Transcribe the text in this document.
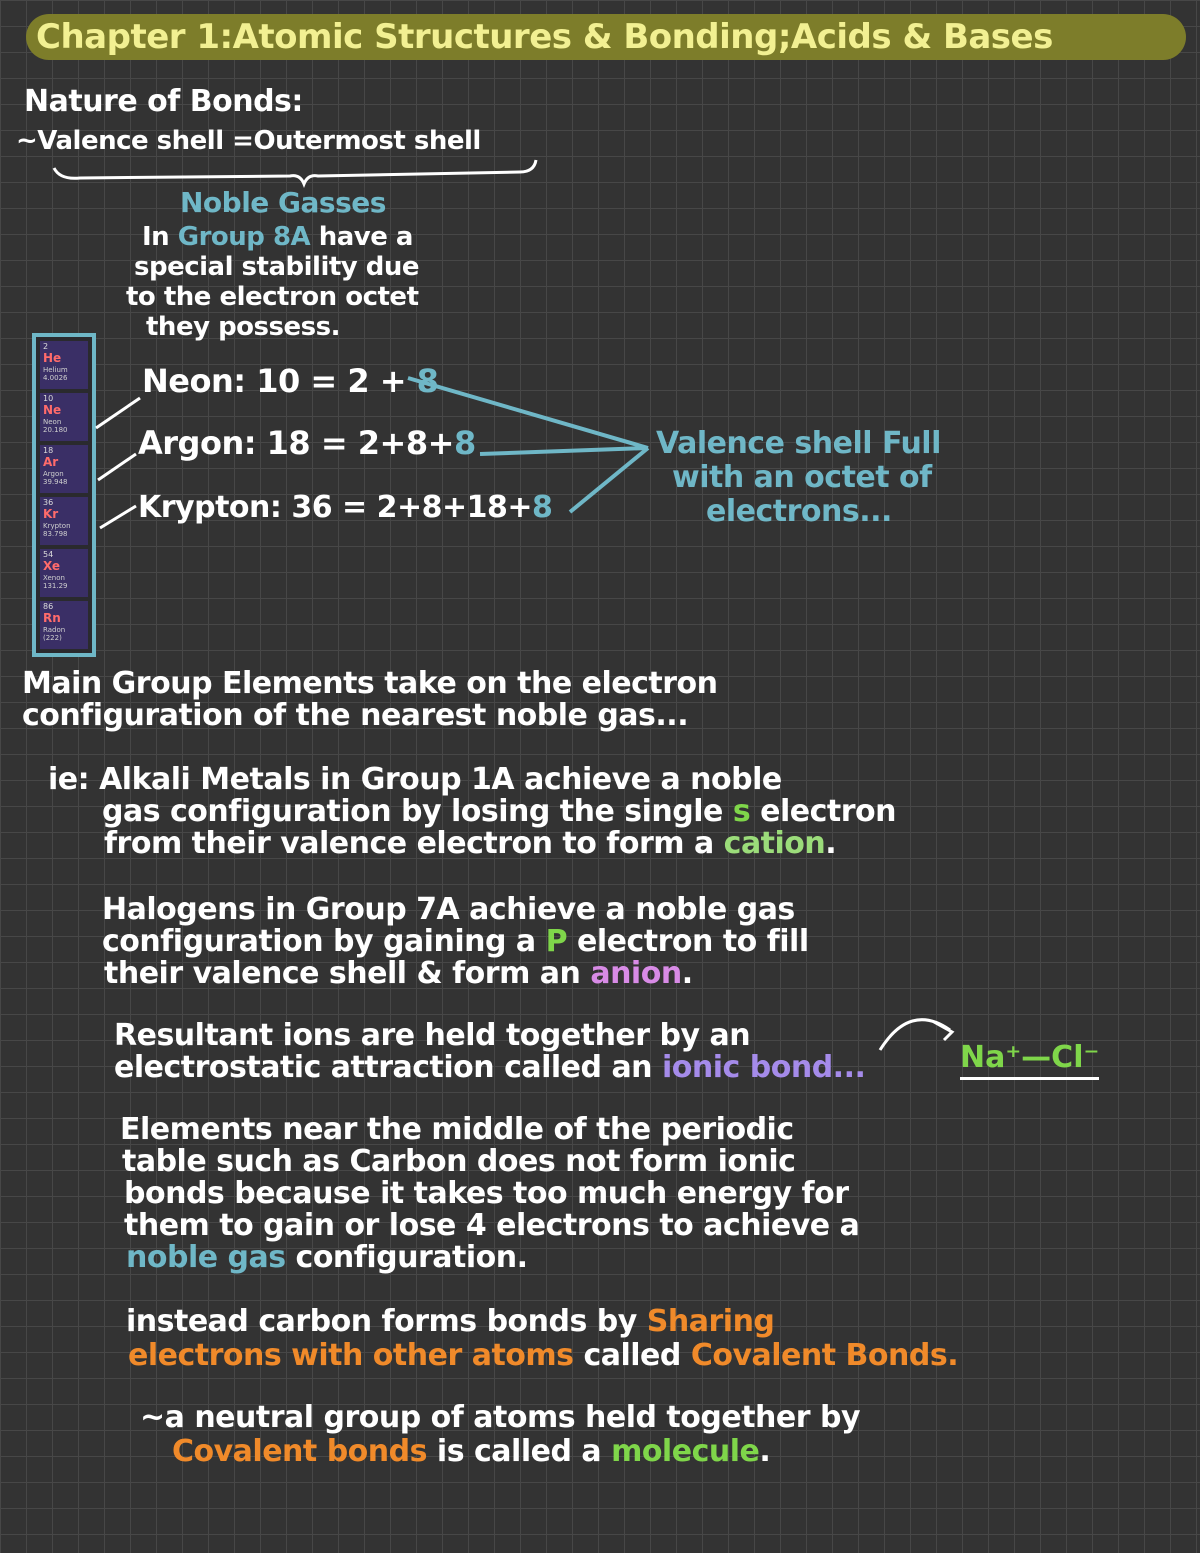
Chapter 1:Atomic Structures & Bonding;Acids & Bases
Nature of Bonds:
~Valence shell =Outermost shell
Noble Gasses
In Group 8A have a
special stability due
to the electron octet
they possess.
2
He
Helium
4.0026
10
Ne
Neon
20.180
18
Ar
Argon
39.948
36
Kr
Krypton
83.798
54
Xe
Xenon
131.29
86
Rn
Radon
(222)
Neon: 10 = 2 + 8
Argon: 18 = 2+8+8
Krypton: 36 = 2+8+18+8
Valence shell Full
with an octet of
electrons...
Main Group Elements take on the electron
configuration of the nearest noble gas...
ie: Alkali Metals in Group 1A achieve a noble
gas configuration by losing the single s electron
from their valence electron to form a cation.
Halogens in Group 7A achieve a noble gas
configuration by gaining a P electron to fill
their valence shell & form an anion.
Resultant ions are held together by an
electrostatic attraction called an ionic bond...	Na⁺—Cl⁻
Elements near the middle of the periodic
table such as Carbon does not form ionic
bonds because it takes too much energy for
them to gain or lose 4 electrons to achieve a
noble gas configuration.
instead carbon forms bonds by Sharing
electrons with other atoms called Covalent Bonds.
~a neutral group of atoms held together by
Covalent bonds is called a molecule.
